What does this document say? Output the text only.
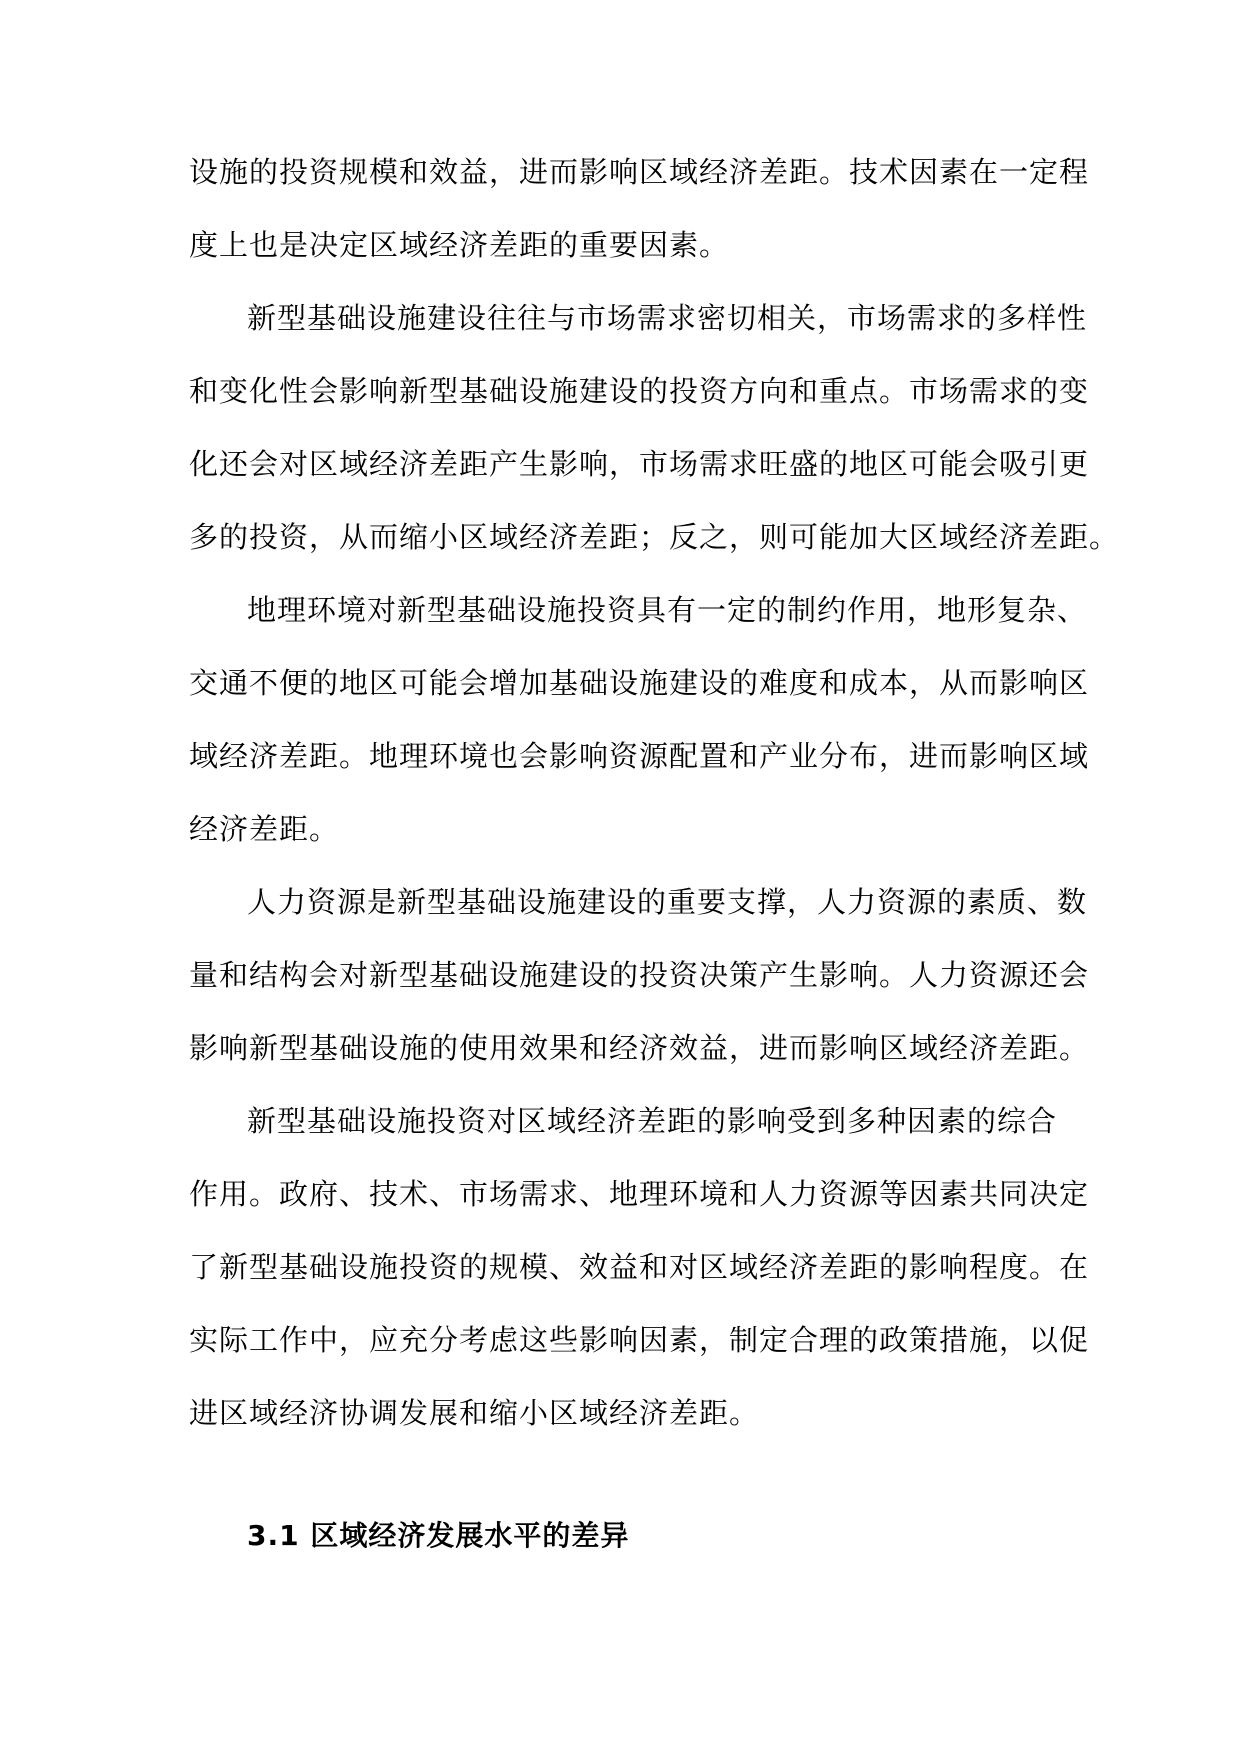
设施的投资规模和效益，进而影响区域经济差距。技术因素在一定程
度上也是决定区域经济差距的重要因素。
新型基础设施建设往往与市场需求密切相关，市场需求的多样性
和变化性会影响新型基础设施建设的投资方向和重点。市场需求的变
化还会对区域经济差距产生影响，市场需求旺盛的地区可能会吸引更
多的投资，从而缩小区域经济差距；反之，则可能加大区域经济差距。
地理环境对新型基础设施投资具有一定的制约作用，地形复杂、
交通不便的地区可能会增加基础设施建设的难度和成本，从而影响区
域经济差距。地理环境也会影响资源配置和产业分布，进而影响区域
经济差距。
人力资源是新型基础设施建设的重要支撑，人力资源的素质、数
量和结构会对新型基础设施建设的投资决策产生影响。人力资源还会
影响新型基础设施的使用效果和经济效益，进而影响区域经济差距。
新型基础设施投资对区域经济差距的影响受到多种因素的综合
作用。政府、技术、市场需求、地理环境和人力资源等因素共同决定
了新型基础设施投资的规模、效益和对区域经济差距的影响程度。在
实际工作中，应充分考虑这些影响因素，制定合理的政策措施，以促
进区域经济协调发展和缩小区域经济差距。
3.1 区域经济发展水平的差异
